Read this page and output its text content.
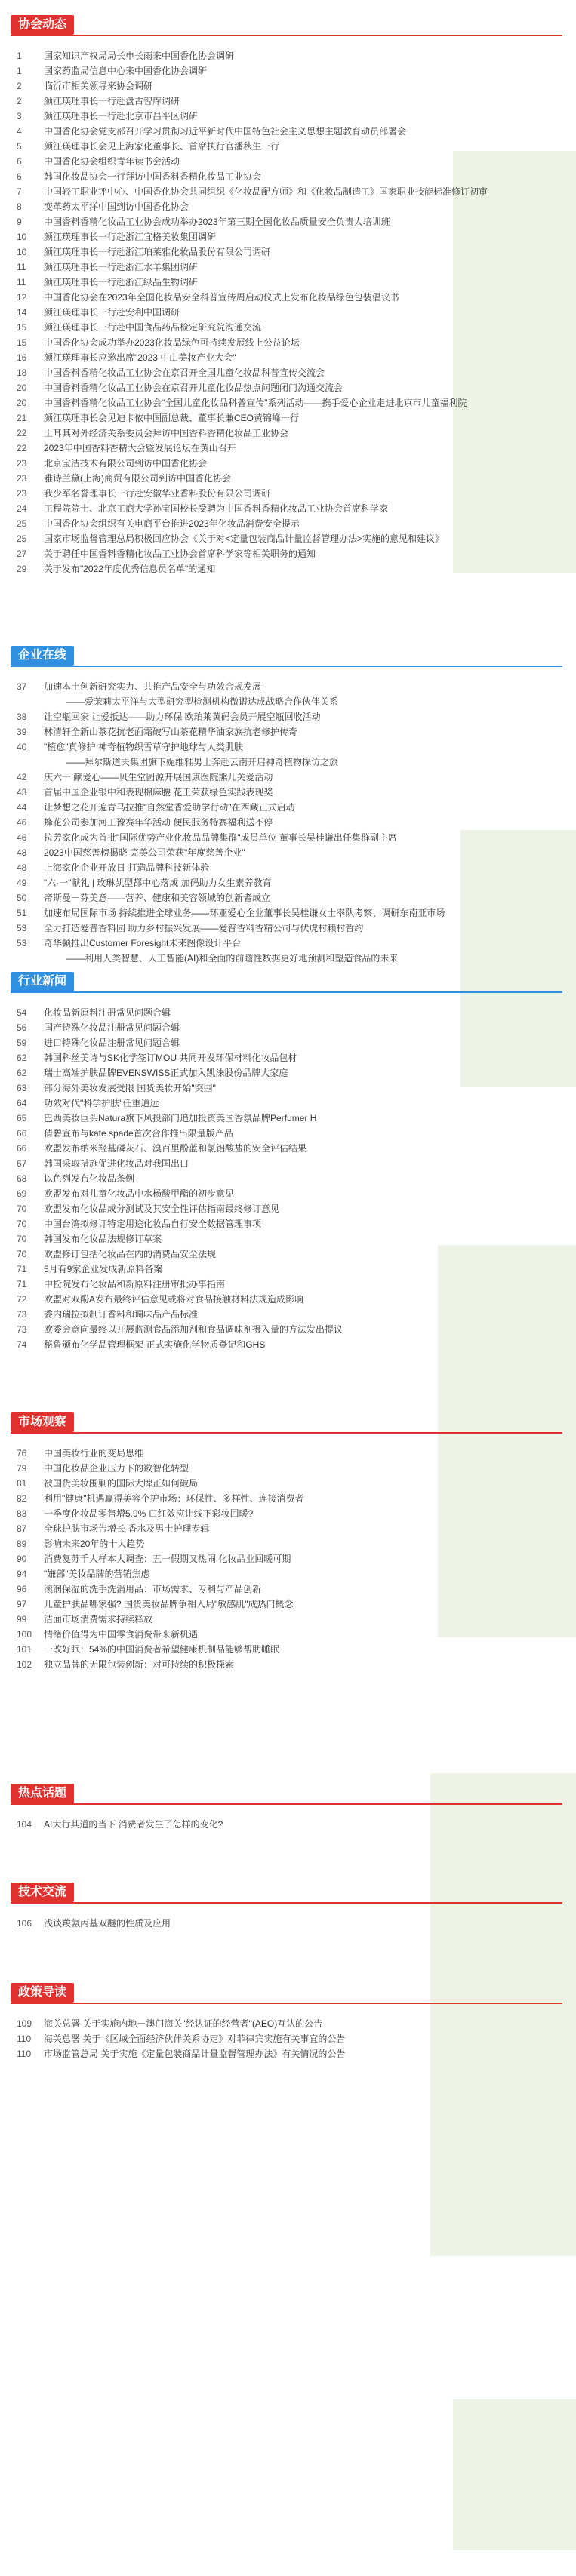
协会动态
1	国家知识产权局局长申长雨来中国香化协会调研
1	国家药监局信息中心来中国香化协会调研
2	临沂市相关领导来协会调研
2	颜江瑛理事长一行赴盘古智库调研
3	颜江瑛理事长一行赴北京市昌平区调研
4	中国香化协会党支部召开学习贯彻习近平新时代中国特色社会主义思想主题教育动员部署会
5	颜江瑛理事长会见上海家化董事长、首席执行官潘秋生一行
6	中国香化协会组织青年读书会活动
6	韩国化妆品协会一行拜访中国香料香精化妆品工业协会
7	中国轻工职业评中心、中国香化协会共同组织《化妆品配方师》和《化妆品制造工》国家职业技能标准修订初审
8	变革药太平洋中国到访中国香化协会
9	中国香料香精化妆品工业协会成功举办2023年第三期全国化妆品质量安全负责人培训班
10	颜江瑛理事长一行赴浙江宜格美妆集团调研
10	颜江瑛理事长一行赴浙江珀莱雅化妆品股份有限公司调研
11	颜江瑛理事长一行赴浙江水羊集团调研
11	颜江瑛理事长一行赴浙江绿晶生物调研
12	中国香化协会在2023年全国化妆品安全科普宣传周启动仪式上发布化妆品绿色包装倡议书
14	颜江瑛理事长一行赴安利中国调研
15	颜江瑛理事长一行赴中国食品药品检定研究院沟通交流
15	中国香化协会成功举办2023化妆品绿色可持续发展线上公益论坛
16	颜江瑛理事长应邀出席"2023 中山美妆产业大会"
18	中国香料香精化妆品工业协会在京召开全国儿童化妆品科普宣传交流会
20	中国香料香精化妆品工业协会在京召开儿童化妆品热点问题闭门沟通交流会
20	中国香料香精化妆品工业协会"全国儿童化妆品科普宣传"系列活动——携手爱心企业走进北京市儿童福利院
21	颜江瑛理事长会见迪卡侬中国副总裁、董事长兼CEO黄锦峰一行
22	土耳其对外经济关系委员会拜访中国香料香精化妆品工业协会
22	2023年中国香料香精大会暨发展论坛在黄山召开
23	北京宝洁技术有限公司到访中国香化协会
23	雅诗兰黛(上海)商贸有限公司到访中国香化协会
23	我少军名誉理事长一行赴安徽华业香料股份有限公司调研
24	工程院院士、北京工商大学孙宝国校长受聘为中国香料香精化妆品工业协会首席科学家
25	中国香化协会组织有关电商平台推进2023年化妆品消费安全提示
25	国家市场监督管理总局积极回应协会《关于对<定量包装商品计量监督管理办法>实施的意见和建议》
27	关于聘任中国香料香精化妆品工业协会首席科学家等相关职务的通知
29	关于发布"2022年度优秀信息员名单"的通知
企业在线
37	加速本土创新研究实力、共推产品安全与功效合规发展
——爱茉莉太平洋与大型研究型检测机构微谱达成战略合作伙伴关系
38	让空瓶回家 让爱抵达——助力环保 欧珀莱黄码会员开展空瓶回收活动
39	林清轩全新山茶花抗老面霜破写山茶花精华油家族抗老修护传奇
40	"植愈"真修护 神奇植物织雪草守护地球与人类肌肤
——拜尔斯道夫集团旗下妮维雅男士奔赴云南开启神奇植物探访之旅
42	庆六一 献爱心——贝生堂圆源开展国康医院熊儿关爱活动
43	首届中国企业银中和表现棉麻腰 花王荣获绿色实践表现奖
44	让梦想之花开遍青马拉推"自然堂香爱助学行动"在西藏正式启动
46	蜂花公司参加河工豫赛年华活动 便民服务特赛福利送不停
46	拉芳家化成为首批"国际优势产业化妆品品牌集群"成员单位 董事长吴桂谦出任集群副主席
48	2023中国慈善榜揭晓 完美公司荣获"年度慈善企业"
48	上海家化企业开放日 打造品牌科技新体验
49	"六·一"献礼 | 玫琳凯型都中心落成 加码助力女生素养教育
50	帝斯曼－芬美意——营养、健康和美容领域的创新者成立
51	加速布局国际市场 持续推进全球业务——环亚爱心企业董事长吴桂谦女士率队考察、调研东南亚市场
53	全力打造爱普香料园 助力乡村振兴发展——爱普香料香精公司与伏虎村赖村暂约
53	奇华顿推出Customer Foresight未来图像设计平台
——利用人类智慧、人工智能(AI)和全面的前瞻性数据更好地预测和塑造食品的未来
行业新闻
54	化妆品新原料注册常见问题合辑
56	国产特殊化妆品注册常见问题合辑
59	进口特殊化妆品注册常见问题合辑
62	韩国科丝美诗与SK化学签订MOU 共同开发环保材料化妆品包材
62	瑞士高端护肤品牌EVENSWISS正式加入凯涞股份品牌大家庭
63	部分海外美妆发展受限 国货美妆开始"突围"
64	功效对代"科学护肤"任重道远
65	巴西美妆巨头Natura旗下风投部门追加投资美国香氛品牌Perfumer H
66	倩碧宣布与kate spade首次合作推出限量版产品
66	欧盟发布纳米羟基磷灰石、溴百里酚蓝和氯铝酸盐的安全评估结果
67	韩国采取措施促进化妆品对我国出口
68	以色列发布化妆品条例
69	欧盟发布对儿童化妆品中水杨酸甲酯的初步意见
70	欧盟发布化妆品成分测试及其安全性评估指南最终修订意见
70	中国台湾拟修订特定用途化妆品自行安全数据管理事项
70	韩国发布化妆品法规修订草案
70	欧盟修订包括化妆品在内的消费品安全法规
71	5月有9家企业发成新原料备案
71	中检院发布化妆品和新原料注册审批办事指南
72	欧盟对双酚A发布最终评估意见或将对食品接触材料法规造成影响
73	委内瑞拉拟制订香料和调味品产品标准
73	欧委会意向最终以开展监测食品添加剂和食品调味剂摄入量的方法发出提议
74	秘鲁颁布化学品管理框架 正式实施化学物质登记和GHS
市场观察
76	中国美妆行业的变局思维
79	中国化妆品企业压力下的数智化转型
81	被国货美妆围剿的国际大牌正如何破局
82	利用"健康"机遇赢得美容个护市场：环保性、多样性、连接消费者
83	一季度化妆品零售增5.9% 口红效应让线下彩妆回暖?
87	全球护肤市场告增长 香水及男士护理专辑
89	影响未来20年的十大趋势
90	消费复苏千人样本大调查：五一假期又热闹 化妆品业回暖可期
94	"嫌部"美妆品牌的营销焦虑
96	滚润保湿的洗手洗消用品：市场需求、专利与产品创新
97	儿童护肤品哪家强? 国货美妆品牌争相入局"敏感肌"成热门概念
99	洁面市场消费需求持续释放
100	情绪价值得为中国零食消费带来新机遇
101	一改好眠：54%的中国消费者希望健康机制品能够帮助睡眠
102	独立品牌的无限包装创新：对可持续的积极探索
热点话题
104	AI大行其道的当下 消费者发生了怎样的变化?
技术交流
106	浅谈羧氨丙基双醚的性质及应用
政策导读
109	海关总署 关于实施内地－澳门海关"经认证的经营者"(AEO)互认的公告
110	海关总署 关于《区域全面经济伙伴关系协定》对菲律宾实施有关事宜的公告
110	市场监管总局 关于实施《定量包装商品计量监督管理办法》有关情况的公告
